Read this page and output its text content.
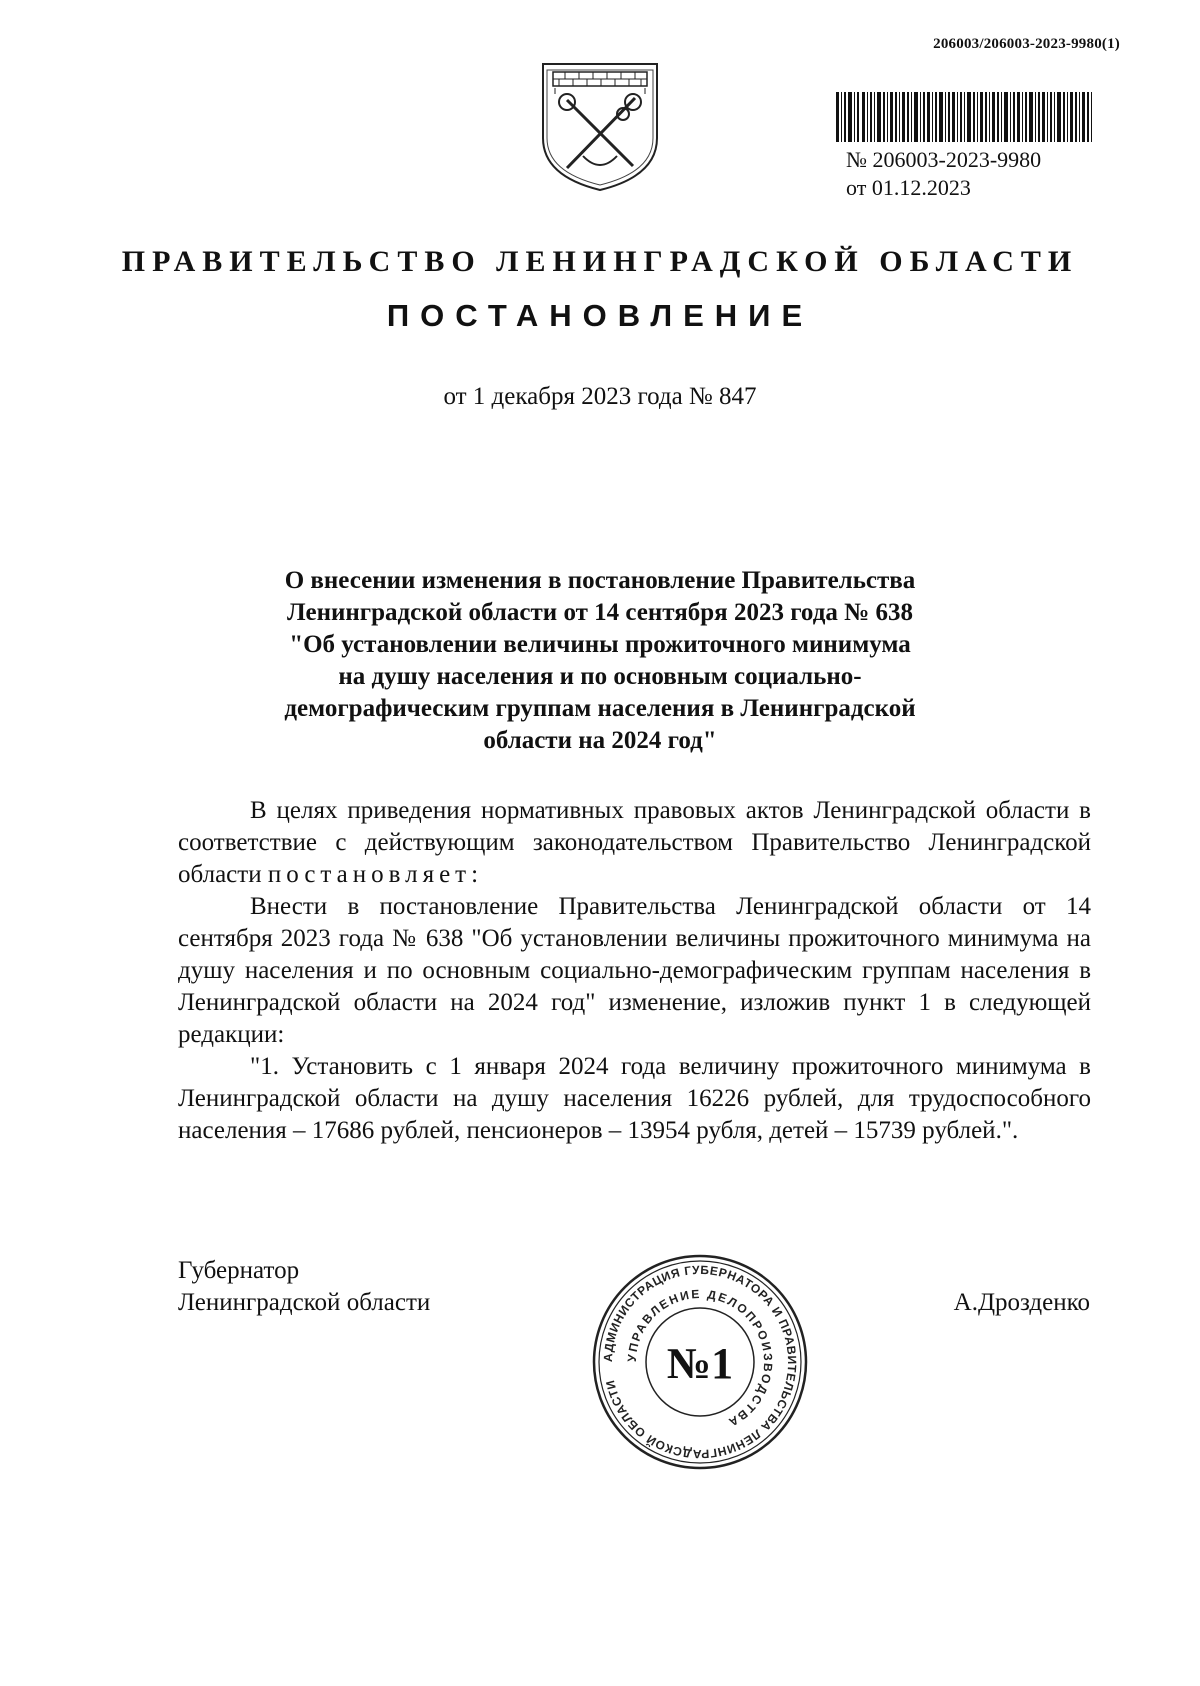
206003/206003-2023-9980(1)
№ 206003-2023-9980
от 01.12.2023
ПРАВИТЕЛЬСТВО ЛЕНИНГРАДСКОЙ ОБЛАСТИ
ПОСТАНОВЛЕНИЕ
от 1 декабря 2023 года № 847
О внесении изменения в постановление Правительства
Ленинградской области от 14 сентября 2023 года № 638
"Об установлении величины прожиточного минимума
на душу населения и по основным социально-
демографическим группам населения в Ленинградской
области на 2024 год"

В целях приведения нормативных правовых актов Ленинградской области в соответствие с действующим законодательством Правительство Ленинградской области постановляет:

Внести в постановление Правительства Ленинградской области от 14 сентября 2023 года № 638 "Об установлении величины прожиточного минимума на душу населения и по основным социально-демографическим группам населения в Ленинградской области на 2024 год" изменение, изложив пункт 1 в следующей редакции:

"1. Установить с 1 января 2024 года величину прожиточного минимума в Ленинградской области на душу населения 16226 рублей, для трудоспособного населения – 17686 рублей, пенсионеров – 13954 рубля, детей – 15739 рублей.".

Губернатор
Ленинградской области
АДМИНИСТРАЦИЯ ГУБЕРНАТОРА И ПРАВИТЕЛЬСТВА ЛЕНИНГРАДСКОЙ ОБЛАСТИ
УПРАВЛЕНИЕ ДЕЛОПРОИЗВОДСТВА
№1
А.Дрозденко
